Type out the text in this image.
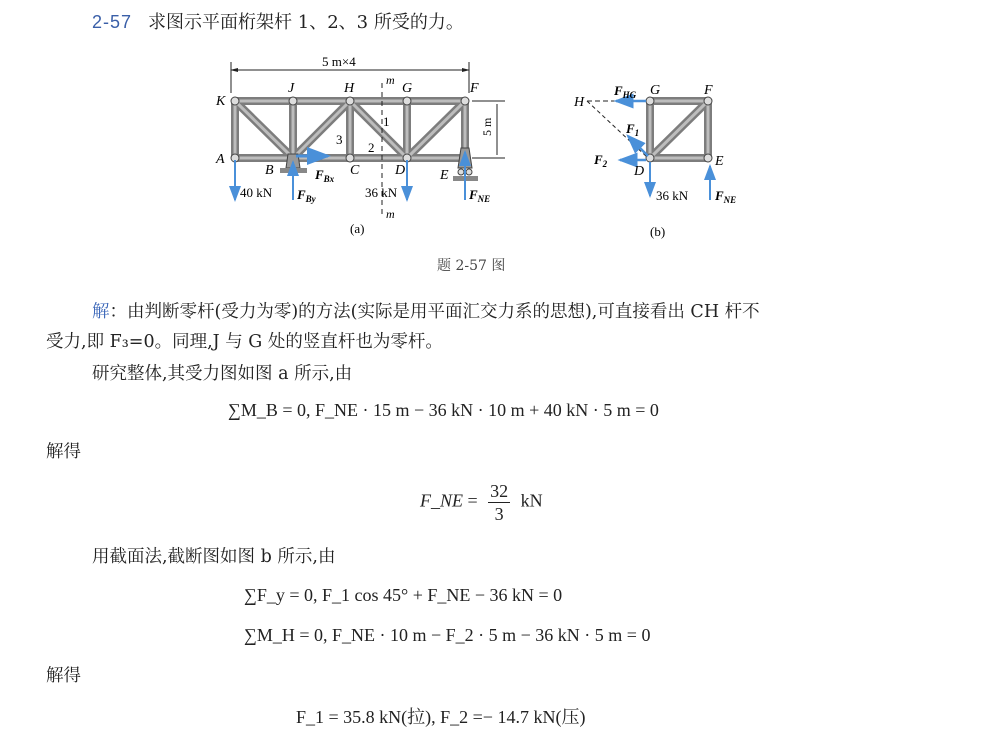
2-57 求图示平面桁架杆 1、2、3 所受的力。
5 m×4
5 m
m
m
K
J	H	G	F
A
B	C	D E
1
2
3
40 kN $F_{By}$
$F_{Bx}$
36 kN	$F_{NE}$
(a)
H
G	F
D
E
$F_{HG}$
$F_1$
$F_2$
$F_{NE}$
36 kN
(b)
题 2-57 图
解：由判断零杆(受力为零)的方法(实际是用平面汇交力系的思想),可直接看出 CH 杆不
受力,即 F₃=0。同理,J 与 G 处的竖直杆也为零杆。
研究整体,其受力图如图 a 所示,由
∑M_B = 0, F_NE · 15 m − 36 kN · 10 m + 40 kN · 5 m = 0
解得
F_NE = $\frac{32}{3}$ kN
用截面法,截断图如图 b 所示,由
∑F_y = 0, F_1 cos 45° + F_NE − 36 kN = 0
∑M_H = 0, F_NE · 10 m − F_2 · 5 m − 36 kN · 5 m = 0
解得
F_1 = 35.8 kN(拉), F_2 =− 14.7 kN(压)
